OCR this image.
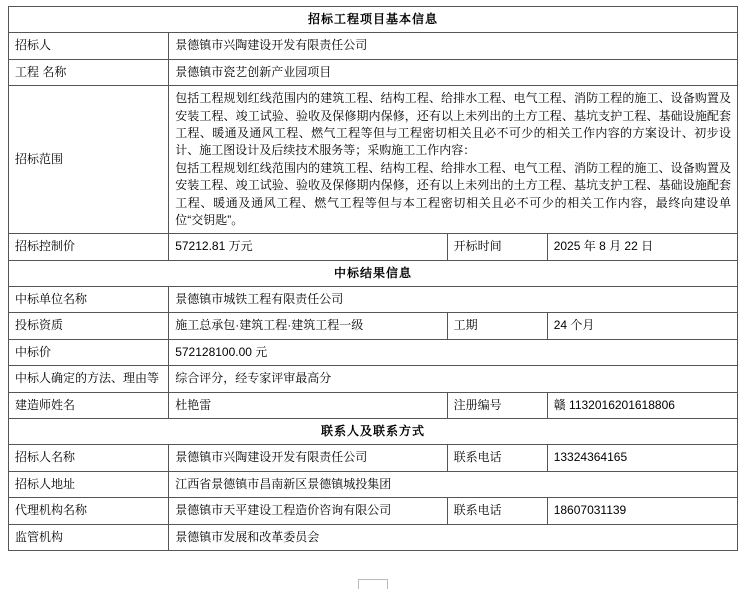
招标工程项目基本信息			
招标人	景德镇市兴陶建设开发有限责任公司		
工程 名称	景德镇市瓷艺创新产业园项目		
招标范围	包括工程规划红线范围内的建筑工程、结构工程、给排水工程、电气工程、消防工程的施工、设备购置及安装工程、竣工试验、验收及保修期内保修，还有以上未列出的土方工程、基坑支护工程、基础设施配套工程、暖通及通风工程、燃气工程等但与工程密切相关且必不可少的相关工作内容的方案设计、初步设计、施工图设计及后续技术服务等；采购施工工作内容：

包括工程规划红线范围内的建筑工程、结构工程、给排水工程、电气工程、消防工程的施工、设备购置及安装工程、竣工试验、验收及保修期内保修，还有以上未列出的土方工程、基坑支护工程、基础设施配套工程、暖通及通风工程、燃气工程等但与本工程密切相关且必不可少的相关工作内容，最终向建设单位“交钥匙”。		

招标控制价	57212.81 万元	开标时间	2025 年 8 月 22 日
中标结果信息			
中标单位名称	景德镇市城铁工程有限责任公司		
投标资质	施工总承包·建筑工程·建筑工程一级	工期	24 个月
中标价	572128100.00 元		
中标人确定的方法、理由等	综合评分，经专家评审最高分		
建造师姓名	杜艳雷	注册编号	赣 1132016201618806
联系人及联系方式			
招标人名称	景德镇市兴陶建设开发有限责任公司	联系电话	13324364165
招标人地址	江西省景德镇市昌南新区景德镇城投集团		
代理机构名称	景德镇市天平建设工程造价咨询有限公司	联系电话	18607031139
监管机构	景德镇市发展和改革委员会		
